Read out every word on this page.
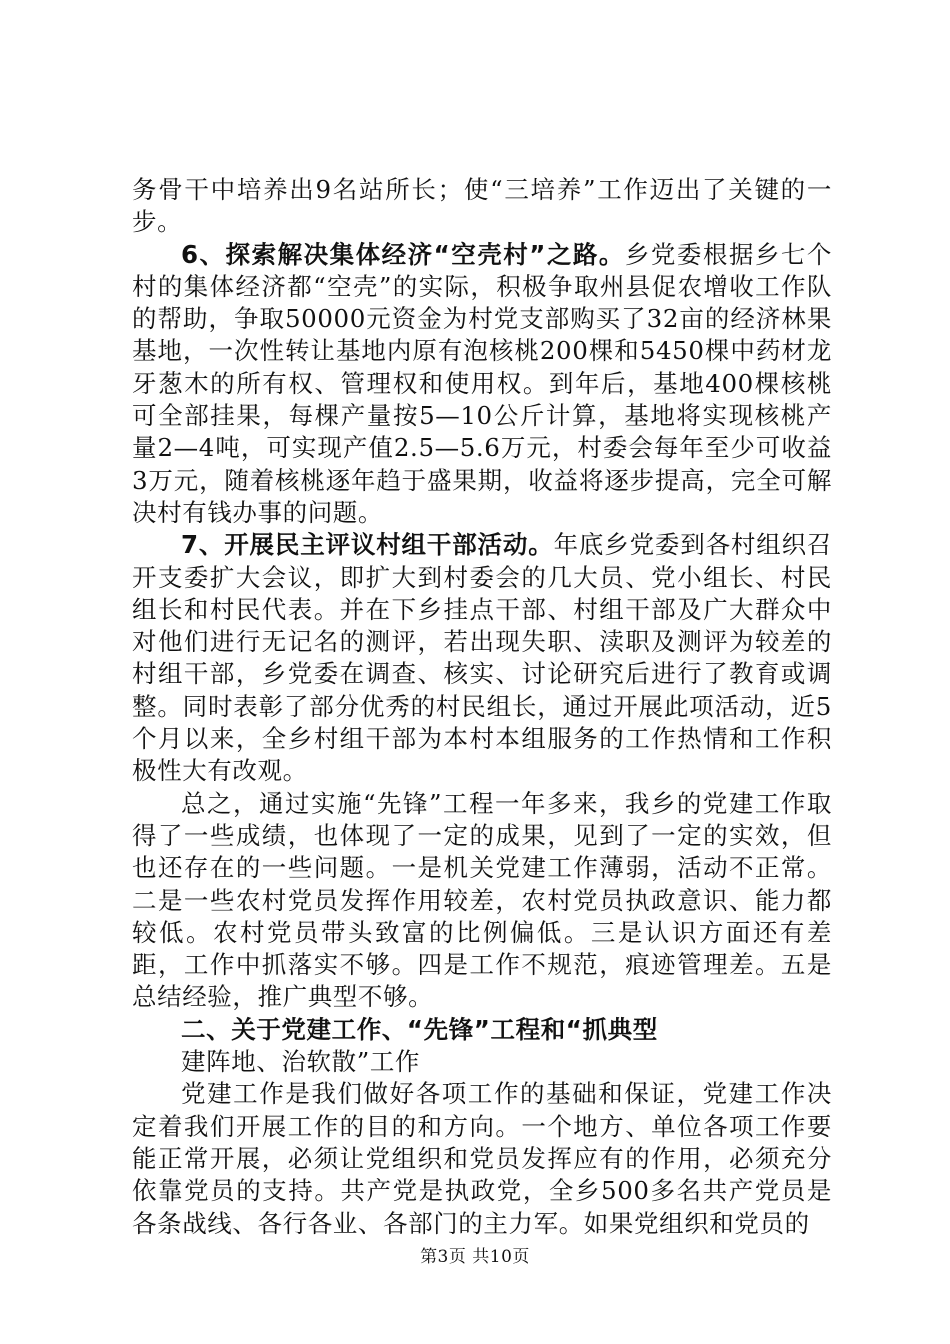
务骨干中培养出9名站所长；使“三培养”工作迈出了关键的一步。

6、探索解决集体经济“空壳村”之路。乡党委根据乡七个村的集体经济都“空壳”的实际，积极争取州县促农增收工作队的帮助，争取50000元资金为村党支部购买了32亩的经济林果基地，一次性转让基地内原有泡核桃200棵和5450棵中药材龙牙葱木的所有权、管理权和使用权。到年后，基地400棵核桃可全部挂果，每棵产量按5—10公斤计算，基地将实现核桃产量2—4吨，可实现产值2.5—5.6万元，村委会每年至少可收益3万元，随着核桃逐年趋于盛果期，收益将逐步提高，完全可解决村有钱办事的问题。

7、开展民主评议村组干部活动。年底乡党委到各村组织召开支委扩大会议，即扩大到村委会的几大员、党小组长、村民组长和村民代表。并在下乡挂点干部、村组干部及广大群众中对他们进行无记名的测评，若出现失职、渎职及测评为较差的村组干部，乡党委在调查、核实、讨论研究后进行了教育或调整。同时表彰了部分优秀的村民组长，通过开展此项活动，近5个月以来，全乡村组干部为本村本组服务的工作热情和工作积极性大有改观。

总之，通过实施“先锋”工程一年多来，我乡的党建工作取得了一些成绩，也体现了一定的成果，见到了一定的实效，但也还存在的一些问题。一是机关党建工作薄弱，活动不正常。二是一些农村党员发挥作用较差，农村党员执政意识、能力都较低。农村党员带头致富的比例偏低。三是认识方面还有差距，工作中抓落实不够。四是工作不规范，痕迹管理差。五是总结经验，推广典型不够。

二、关于党建工作、“先锋”工程和“抓典型

建阵地、治软散”工作

党建工作是我们做好各项工作的基础和保证，党建工作决定着我们开展工作的目的和方向。一个地方、单位各项工作要能正常开展，必须让党组织和党员发挥应有的作用，必须充分依靠党员的支持。共产党是执政党，全乡500多名共产党员是各条战线、各行各业、各部门的主力军。如果党组织和党员的

第3页 共10页
